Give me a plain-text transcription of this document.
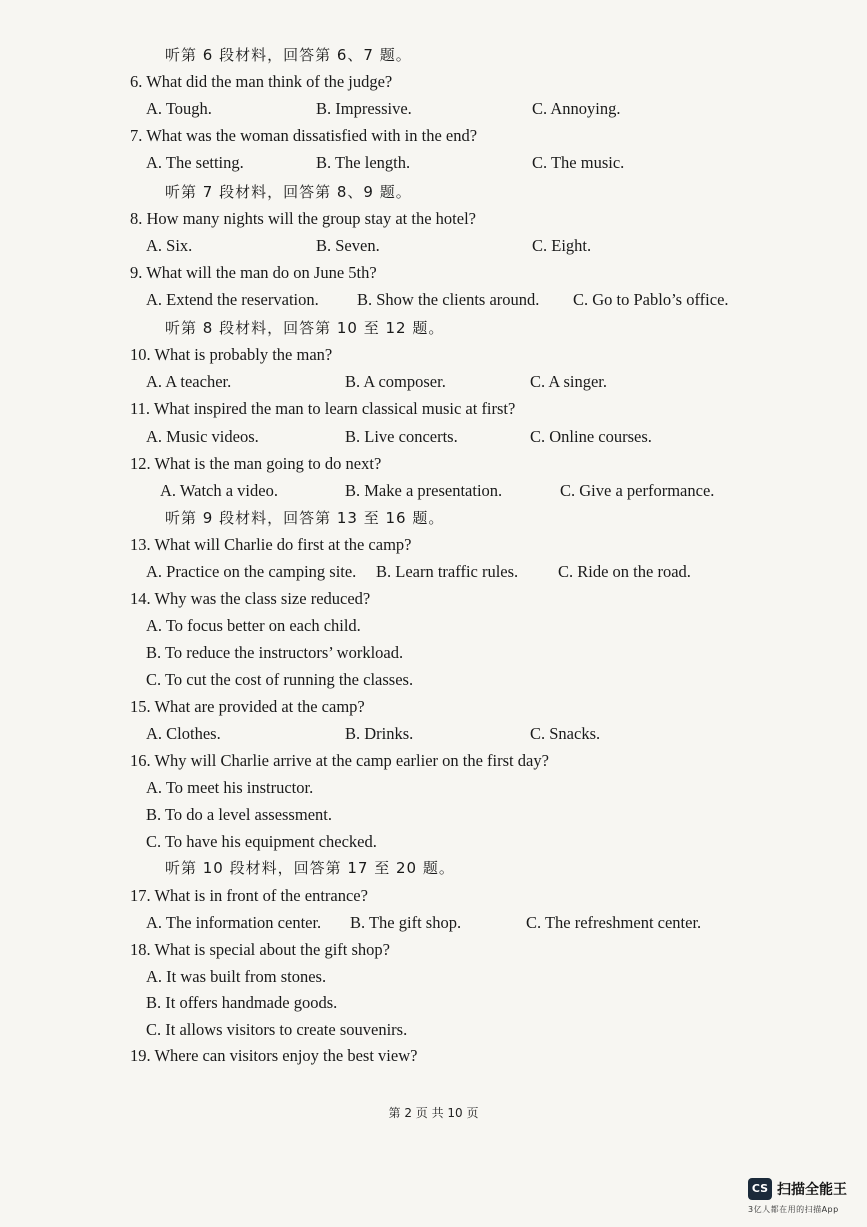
听第 6 段材料，回答第 6、7 题。
6. What did the man think of the judge?
A. Tough.	B. Impressive.	C. Annoying.
7. What was the woman dissatisfied with in the end?
A. The setting.	B. The length.	C. The music.
听第 7 段材料，回答第 8、9 题。
8. How many nights will the group stay at the hotel?
A. Six.	B. Seven.	C. Eight.
9. What will the man do on June 5th?
A. Extend the reservation. B. Show the clients around. C. Go to Pablo’s office.
听第 8 段材料，回答第 10 至 12 题。
10. What is probably the man?
A. A teacher.	B. A composer.	C. A singer.
11. What inspired the man to learn classical music at first?
A. Music videos.	B. Live concerts.	C. Online courses.
12. What is the man going to do next?
A. Watch a video.	B. Make a presentation.	C. Give a performance.
听第 9 段材料，回答第 13 至 16 题。
13. What will Charlie do first at the camp?
A. Practice on the camping site. B. Learn traffic rules. C. Ride on the road.
14. Why was the class size reduced?
A. To focus better on each child.
B. To reduce the instructors’ workload.
C. To cut the cost of running the classes.
15. What are provided at the camp?
A. Clothes.	B. Drinks.	C. Snacks.
16. Why will Charlie arrive at the camp earlier on the first day?
A. To meet his instructor.
B. To do a level assessment.
C. To have his equipment checked.
听第 10 段材料，回答第 17 至 20 题。
17. What is in front of the entrance?
A. The information center. B. The gift shop.	C. The refreshment center.
18. What is special about the gift shop?
A. It was built from stones.
B. It offers handmade goods.
C. It allows visitors to create souvenirs.
19. Where can visitors enjoy the best view?
第 2 页 共 10 页
CS 扫描全能王
3亿人都在用的扫描App
